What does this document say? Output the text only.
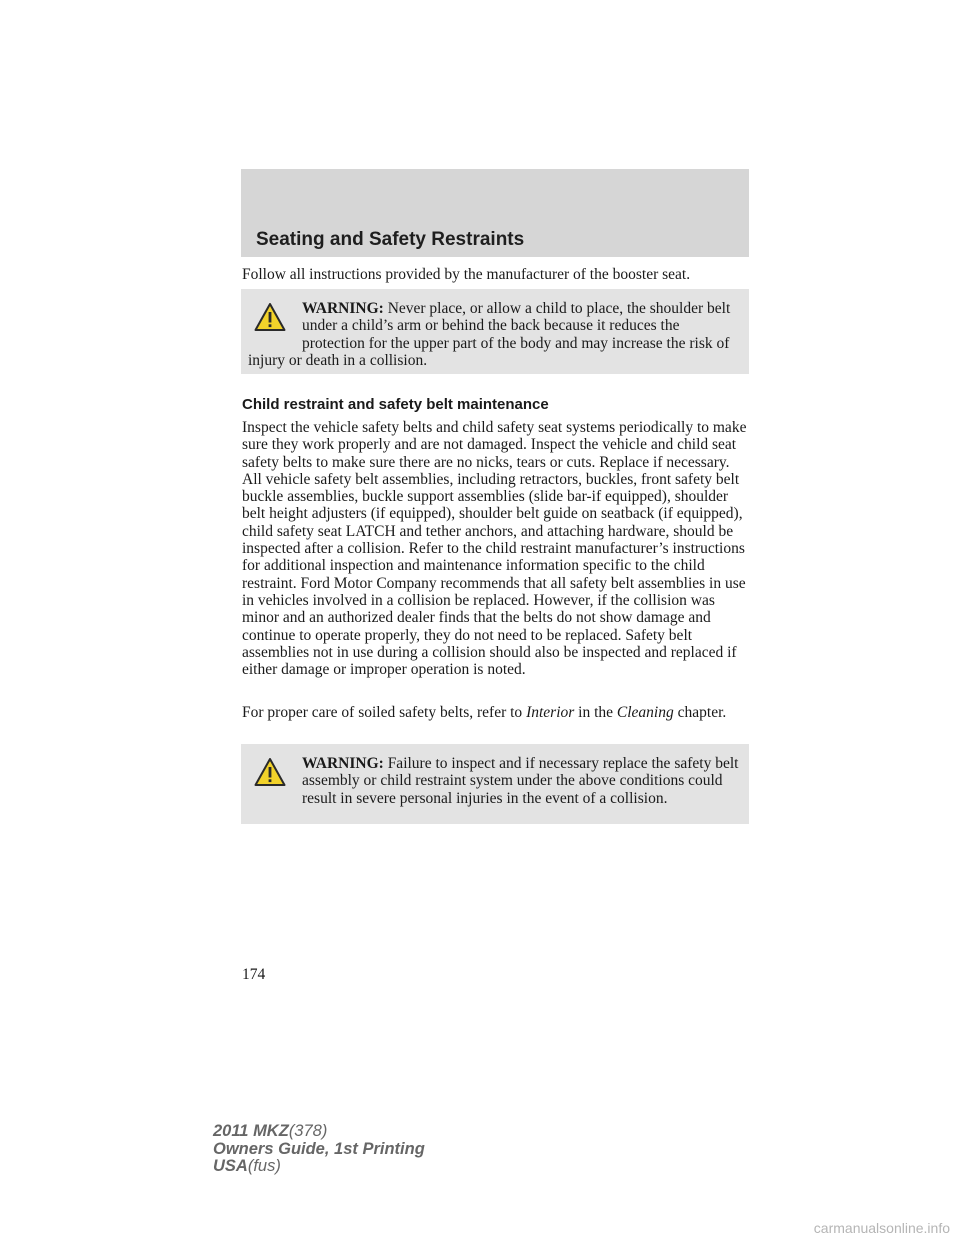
Seating and Safety Restraints
Follow all instructions provided by the manufacturer of the booster seat.
WARNING: Never place, or allow a child to place, the shoulder belt under a child’s arm or behind the back because it reduces the protection for the upper part of the body and may increase the risk of injury or death in a collision.
Child restraint and safety belt maintenance
Inspect the vehicle safety belts and child safety seat systems periodically to make sure they work properly and are not damaged. Inspect the vehicle and child seat safety belts to make sure there are no nicks, tears or cuts. Replace if necessary. All vehicle safety belt assemblies, including retractors, buckles, front safety belt buckle assemblies, buckle support assemblies (slide bar-if equipped), shoulder belt height adjusters (if equipped), shoulder belt guide on seatback (if equipped), child safety seat LATCH and tether anchors, and attaching hardware, should be inspected after a collision. Refer to the child restraint manufacturer’s instructions for additional inspection and maintenance information specific to the child restraint. Ford Motor Company recommends that all safety belt assemblies in use in vehicles involved in a collision be replaced. However, if the collision was minor and an authorized dealer finds that the belts do not show damage and continue to operate properly, they do not need to be replaced. Safety belt assemblies not in use during a collision should also be inspected and replaced if either damage or improper operation is noted.
For proper care of soiled safety belts, refer to Interior in the Cleaning chapter.
WARNING: Failure to inspect and if necessary replace the safety belt assembly or child restraint system under the above conditions could result in severe personal injuries in the event of a collision.
174
2011 MKZ(378)
Owners Guide, 1st Printing
USA(fus)
carmanualsonline.info
